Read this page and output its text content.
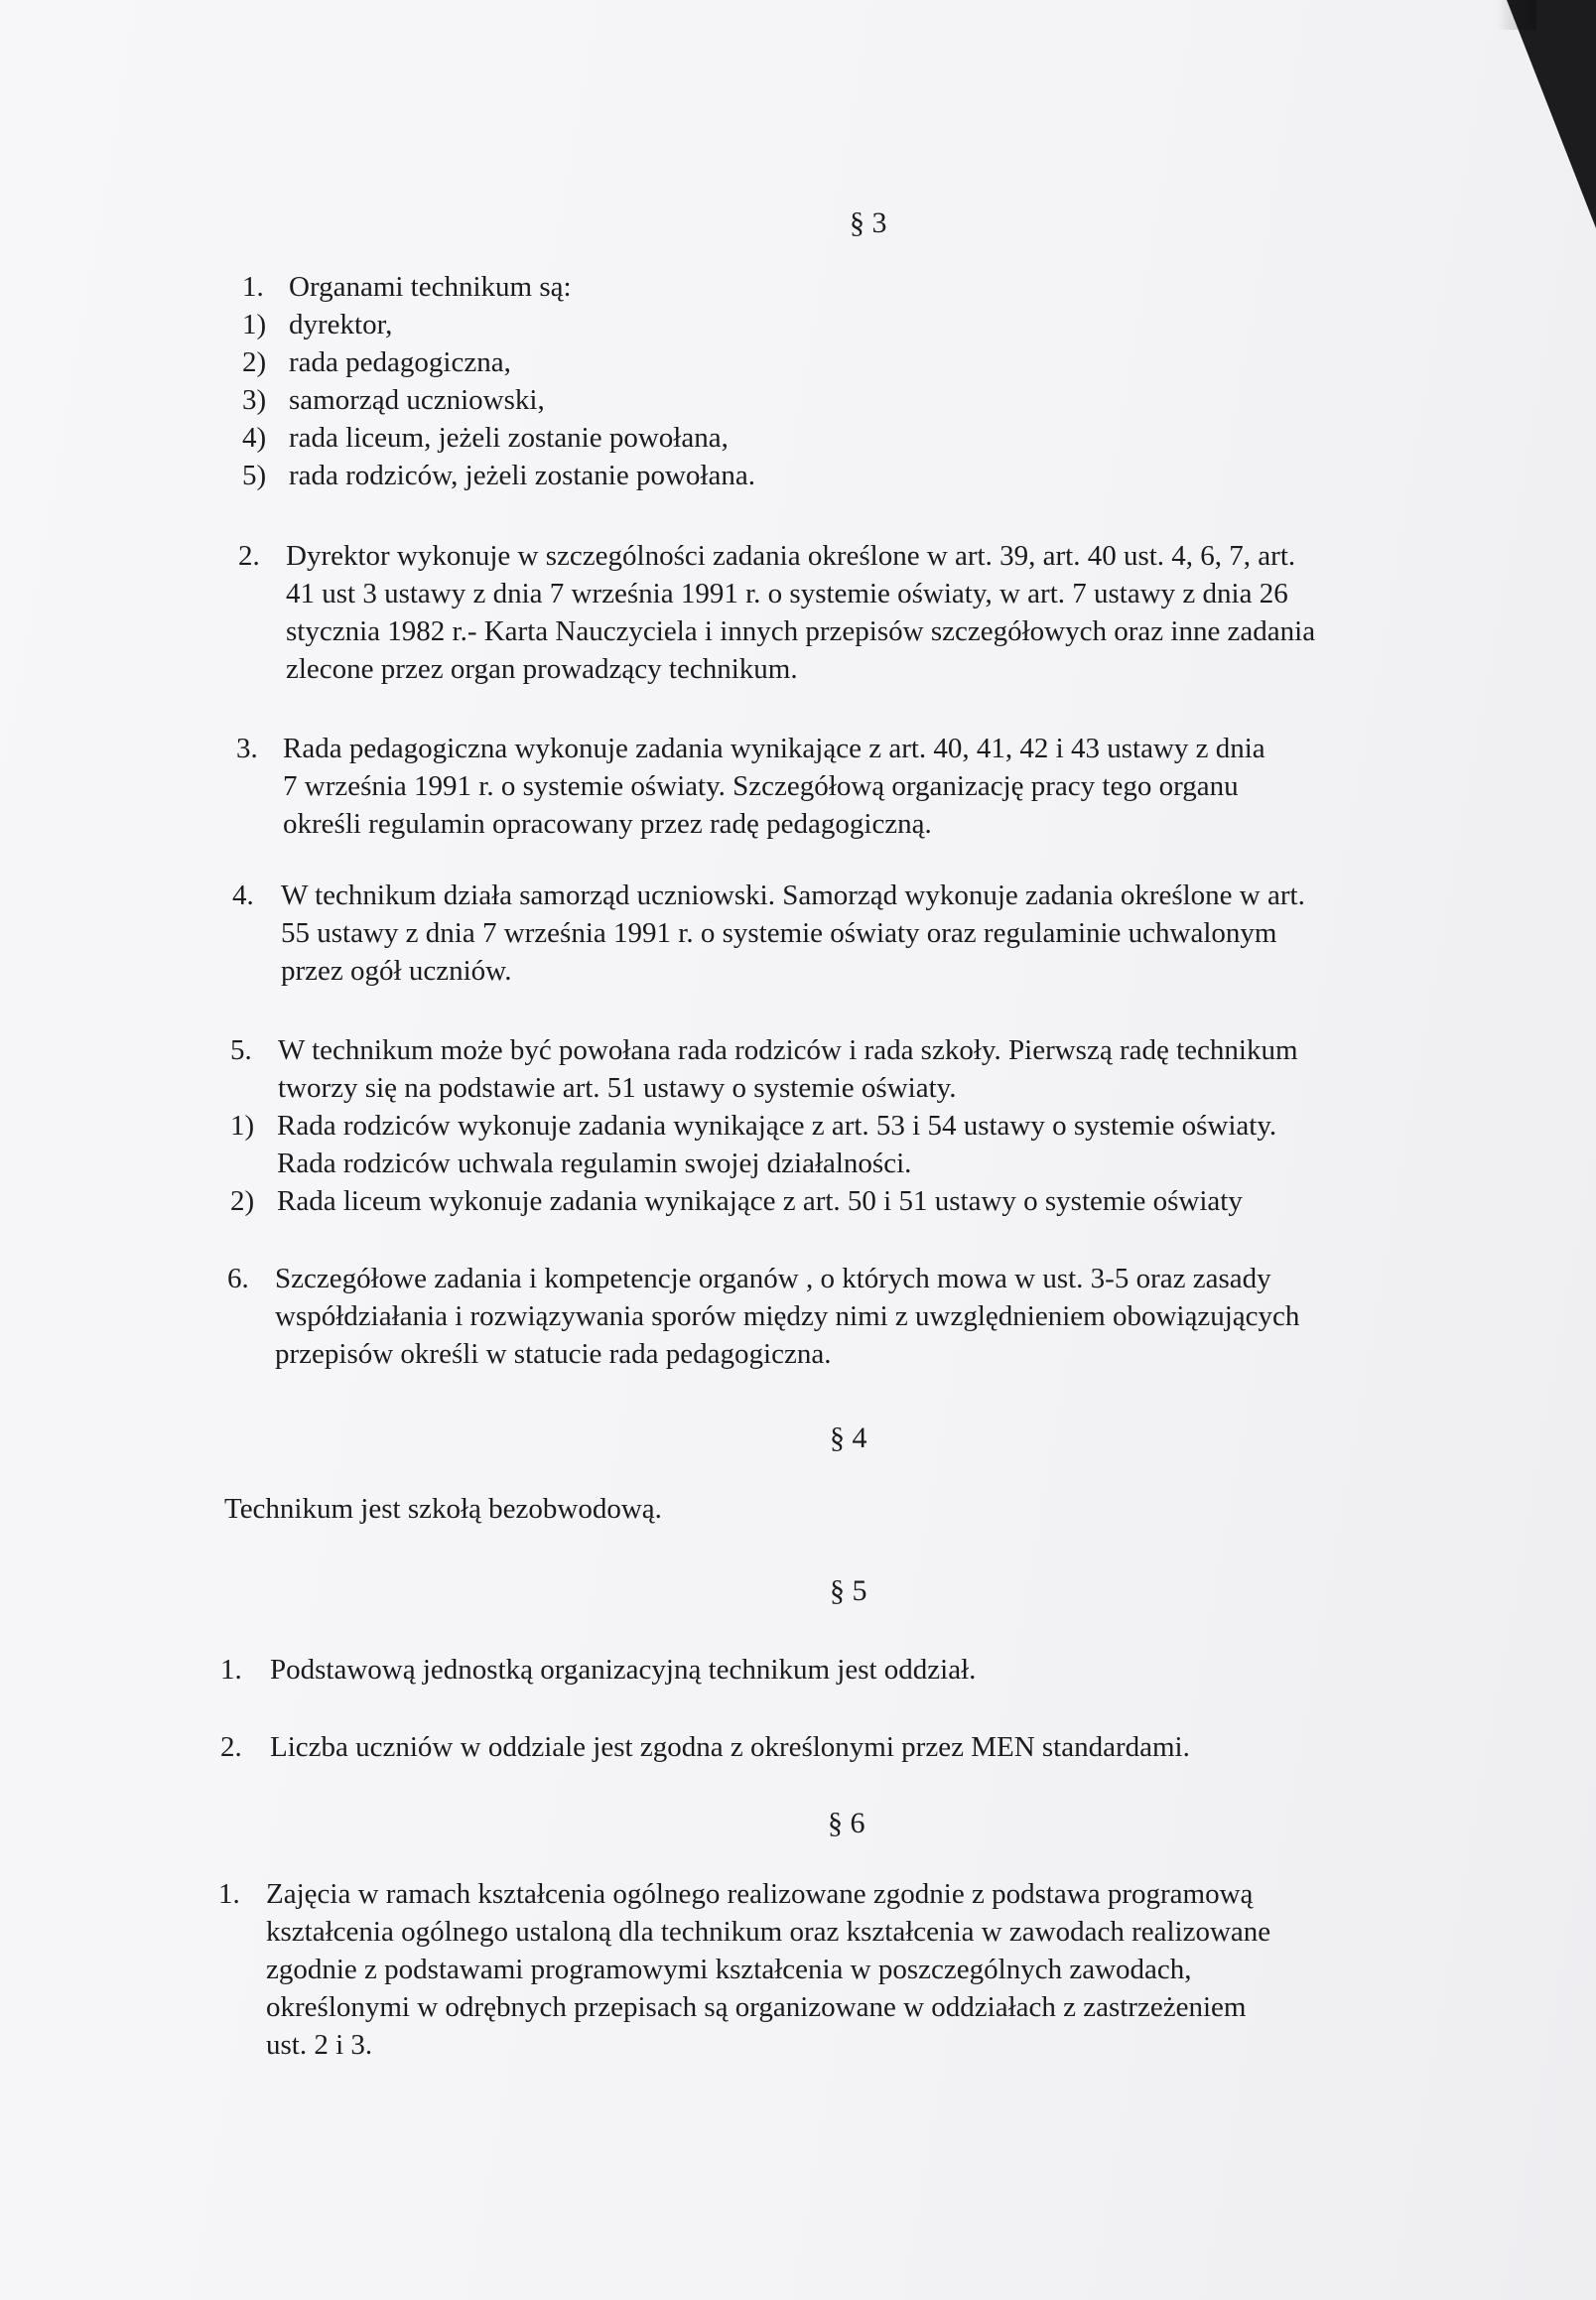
§ 3
1. Organami technikum są:
1) dyrektor,
2) rada pedagogiczna,
3) samorząd uczniowski,
4) rada liceum, jeżeli zostanie powołana,
5) rada rodziców, jeżeli zostanie powołana.
2. Dyrektor wykonuje w szczególności zadania określone w art. 39, art. 40 ust. 4, 6, 7, art.
41 ust 3 ustawy z dnia 7 września 1991 r. o systemie oświaty, w art. 7 ustawy z dnia 26
stycznia 1982 r.- Karta Nauczyciela i innych przepisów szczegółowych oraz inne zadania
zlecone przez organ prowadzący technikum.
3. Rada pedagogiczna wykonuje zadania wynikające z art. 40, 41, 42 i 43 ustawy z dnia
7 września 1991 r. o systemie oświaty. Szczegółową organizację pracy tego organu
określi regulamin opracowany przez radę pedagogiczną.
4. W technikum działa samorząd uczniowski. Samorząd wykonuje zadania określone w art.
55 ustawy z dnia 7 września 1991 r. o systemie oświaty oraz regulaminie uchwalonym
przez ogół uczniów.
5. W technikum może być powołana rada rodziców i rada szkoły. Pierwszą radę technikum
tworzy się na podstawie art. 51 ustawy o systemie oświaty.
1) Rada rodziców wykonuje zadania wynikające z art. 53 i 54 ustawy o systemie oświaty.
Rada rodziców uchwala regulamin swojej działalności.
2) Rada liceum wykonuje zadania wynikające z art. 50 i 51 ustawy o systemie oświaty
6. Szczegółowe zadania i kompetencje organów , o których mowa w ust. 3-5 oraz zasady
współdziałania i rozwiązywania sporów między nimi z uwzględnieniem obowiązujących
przepisów określi w statucie rada pedagogiczna.
§ 4
Technikum jest szkołą bezobwodową.
§ 5
1. Podstawową jednostką organizacyjną technikum jest oddział.
2. Liczba uczniów w oddziale jest zgodna z określonymi przez MEN standardami.
§ 6
1. Zajęcia w ramach kształcenia ogólnego realizowane zgodnie z podstawa programową
kształcenia ogólnego ustaloną dla technikum oraz kształcenia w zawodach realizowane
zgodnie z podstawami programowymi kształcenia w poszczególnych zawodach,
określonymi w odrębnych przepisach są organizowane w oddziałach z zastrzeżeniem
ust. 2 i 3.
